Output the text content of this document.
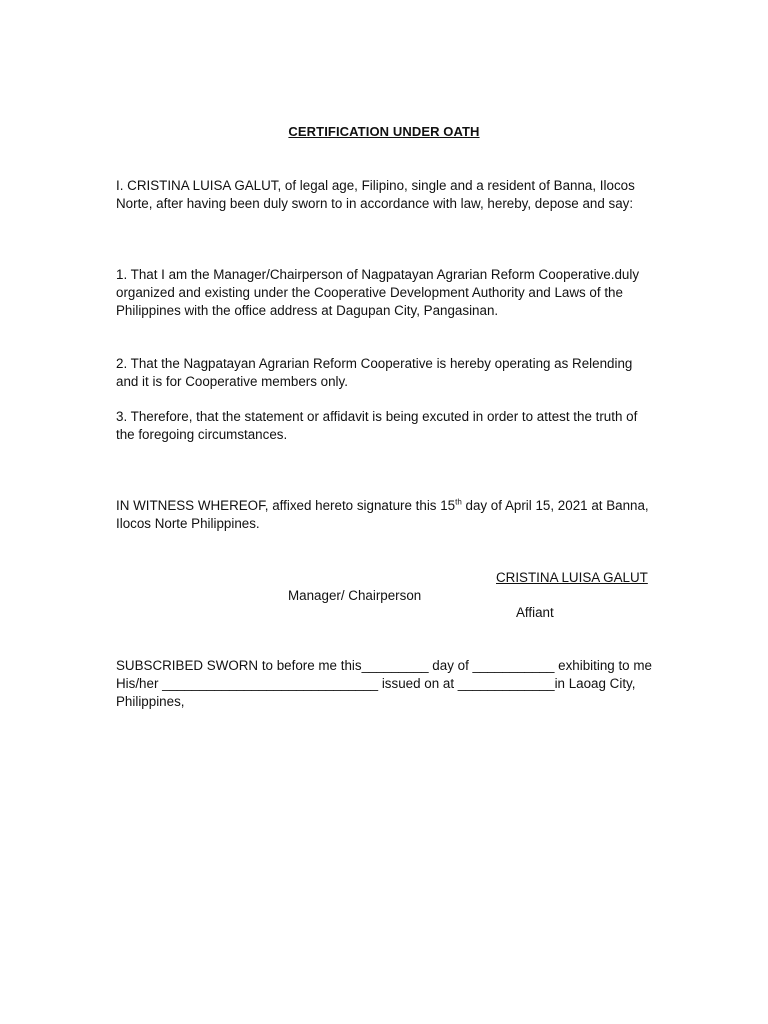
CERTIFICATION UNDER OATH

I. CRISTINA LUISA GALUT, of legal age, Filipino, single and a resident of Banna, Ilocos Norte, after having been duly sworn to in accordance with law, hereby, depose and say:

1. That I am the Manager/Chairperson of Nagpatayan Agrarian Reform Cooperative.duly organized and existing under the Cooperative Development Authority and Laws of the Philippines with the office address at Dagupan City, Pangasinan.

2. That the Nagpatayan Agrarian Reform Cooperative is hereby operating as Relending and it is for Cooperative members only.

3. Therefore, that the statement or affidavit is being excuted in order to attest the truth of the foregoing circumstances.

IN WITNESS WHEREOF, affixed hereto signature this 15th day of April 15, 2021 at Banna, Ilocos Norte Philippines.

CRISTINA LUISA GALUT
Manager/ Chairperson
Affiant

SUBSCRIBED SWORN to before me this_________ day of ___________ exhibiting to me His/her _____________________________ issued on at _____________in Laoag City, Philippines,
